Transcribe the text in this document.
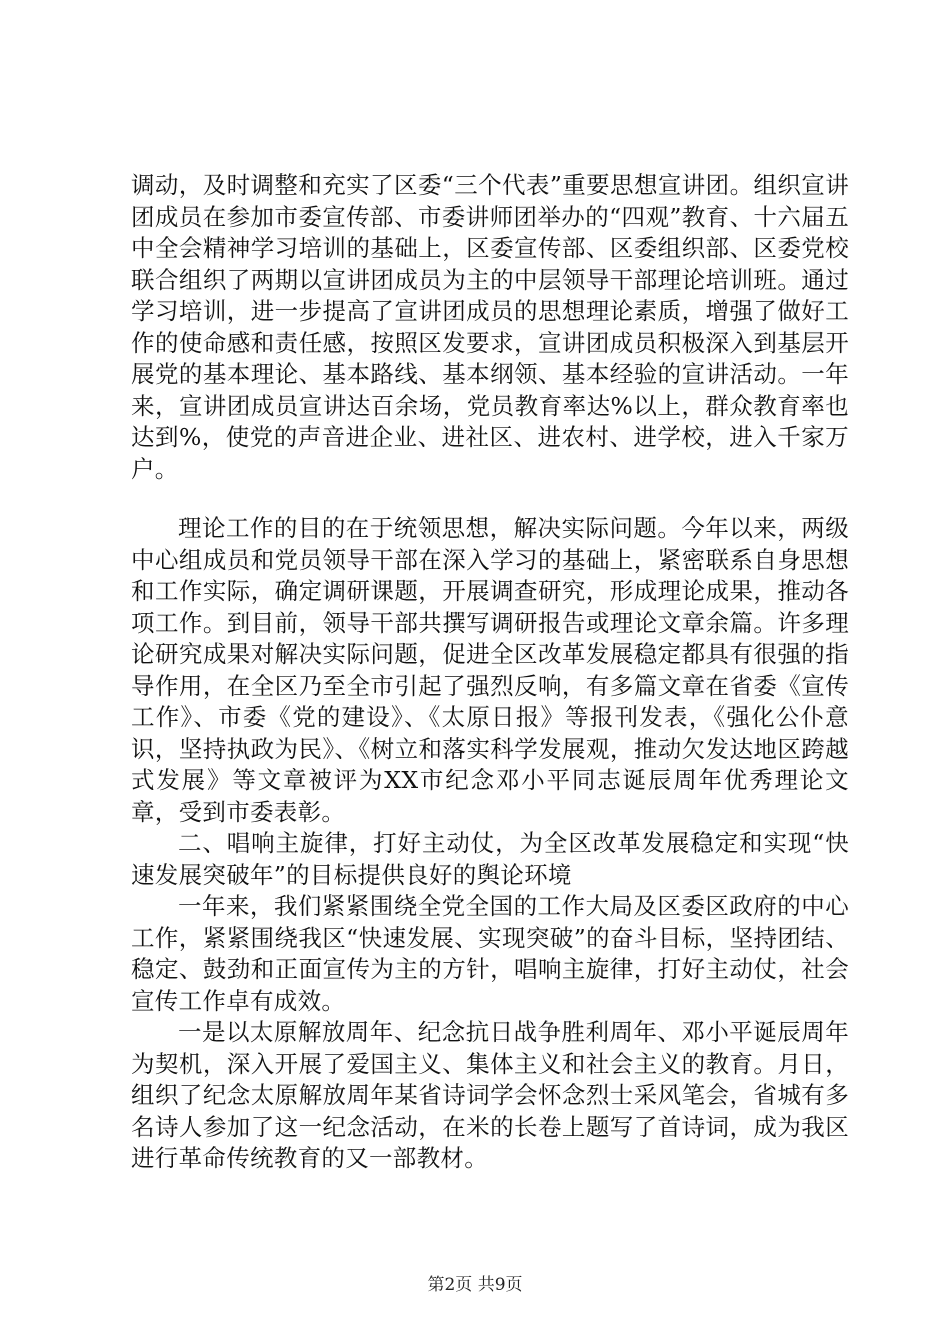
调动，及时调整和充实了区委“三个代表”重要思想宣讲团。组织宣讲团成员在参加市委宣传部、市委讲师团举办的“四观”教育、十六届五中全会精神学习培训的基础上，区委宣传部、区委组织部、区委党校联合组织了两期以宣讲团成员为主的中层领导干部理论培训班。通过学习培训，进一步提高了宣讲团成员的思想理论素质，增强了做好工作的使命感和责任感，按照区发要求，宣讲团成员积极深入到基层开展党的基本理论、基本路线、基本纲领、基本经验的宣讲活动。一年来，宣讲团成员宣讲达百余场，党员教育率达%以上，群众教育率也达到%，使党的声音进企业、进社区、进农村、进学校，进入千家万户。

理论工作的目的在于统领思想，解决实际问题。今年以来，两级中心组成员和党员领导干部在深入学习的基础上，紧密联系自身思想和工作实际，确定调研课题，开展调查研究，形成理论成果，推动各项工作。到目前，领导干部共撰写调研报告或理论文章余篇。许多理论研究成果对解决实际问题，促进全区改革发展稳定都具有很强的指导作用，在全区乃至全市引起了强烈反响，有多篇文章在省委《宣传工作》、市委《党的建设》、《太原日报》等报刊发表，《强化公仆意识，坚持执政为民》、《树立和落实科学发展观，推动欠发达地区跨越式发展》等文章被评为XX市纪念邓小平同志诞辰周年优秀理论文章，受到市委表彰。

二、唱响主旋律，打好主动仗，为全区改革发展稳定和实现“快速发展突破年”的目标提供良好的舆论环境

一年来，我们紧紧围绕全党全国的工作大局及区委区政府的中心工作，紧紧围绕我区“快速发展、实现突破”的奋斗目标，坚持团结、稳定、鼓劲和正面宣传为主的方针，唱响主旋律，打好主动仗，社会宣传工作卓有成效。

一是以太原解放周年、纪念抗日战争胜利周年、邓小平诞辰周年为契机，深入开展了爱国主义、集体主义和社会主义的教育。月日，组织了纪念太原解放周年某省诗词学会怀念烈士采风笔会，省城有多名诗人参加了这一纪念活动，在米的长卷上题写了首诗词，成为我区进行革命传统教育的又一部教材。

第2页 共9页
